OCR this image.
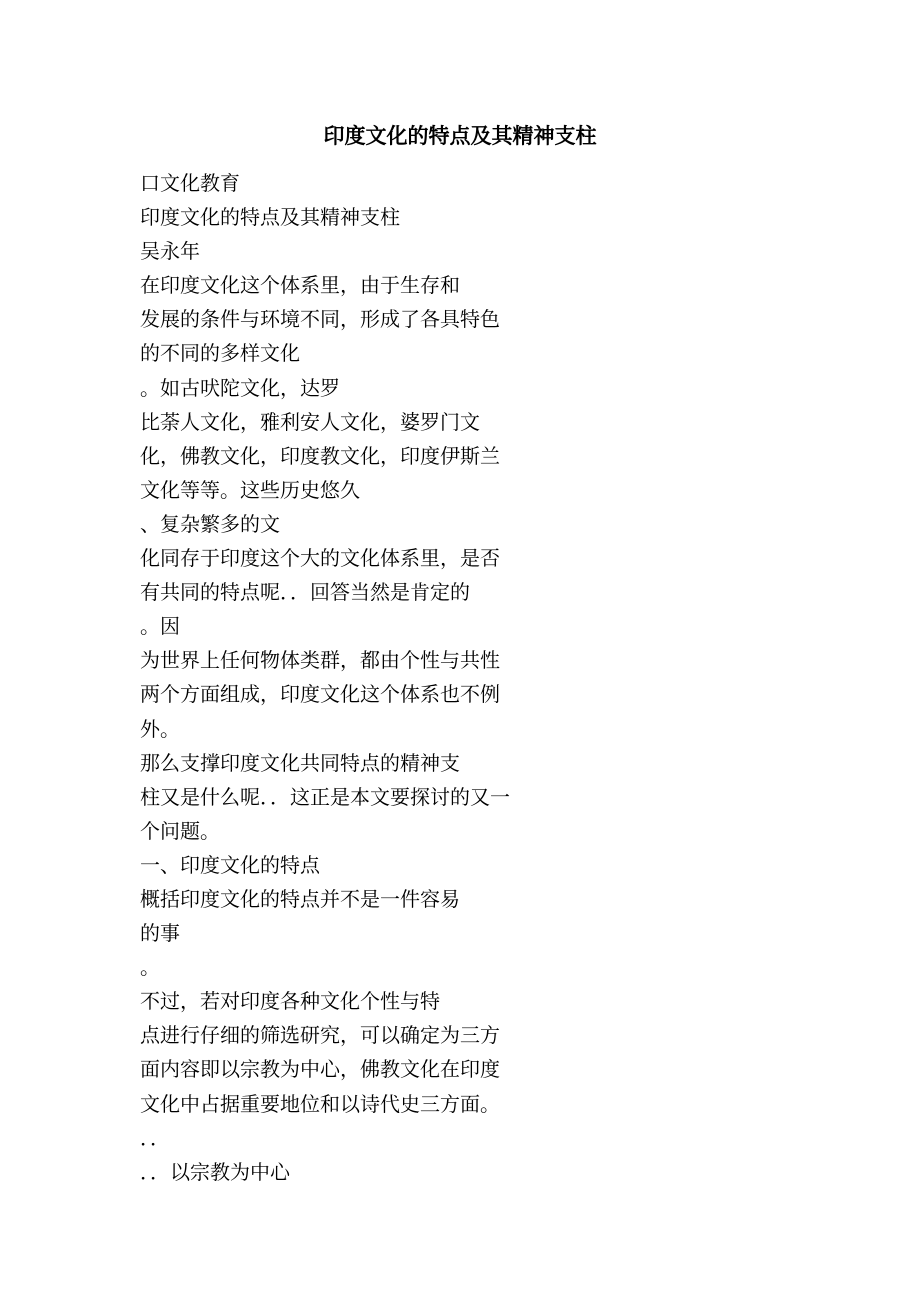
印度文化的特点及其精神支柱
口文化教育
印度文化的特点及其精神支柱
吴永年
在印度文化这个体系里，由于生存和
发展的条件与环境不同，形成了各具特色
的不同的多样文化
。如古吠陀文化，达罗
比荼人文化，雅利安人文化，婆罗门文
化，佛教文化，印度教文化，印度伊斯兰
文化等等。这些历史悠久
、复杂繁多的文
化同存于印度这个大的文化体系里，是否
有共同的特点呢．．回答当然是肯定的
。因
为世界上任何物体类群，都由个性与共性
两个方面组成，印度文化这个体系也不例
外。
那么支撑印度文化共同特点的精神支
柱又是什么呢．．这正是本文要探讨的又一
个问题。
一、印度文化的特点
概括印度文化的特点并不是一件容易
的事
。
不过，若对印度各种文化个性与特
点进行仔细的筛选研究，可以确定为三方
面内容即以宗教为中心，佛教文化在印度
文化中占据重要地位和以诗代史三方面。
．．
．．以宗教为中心
